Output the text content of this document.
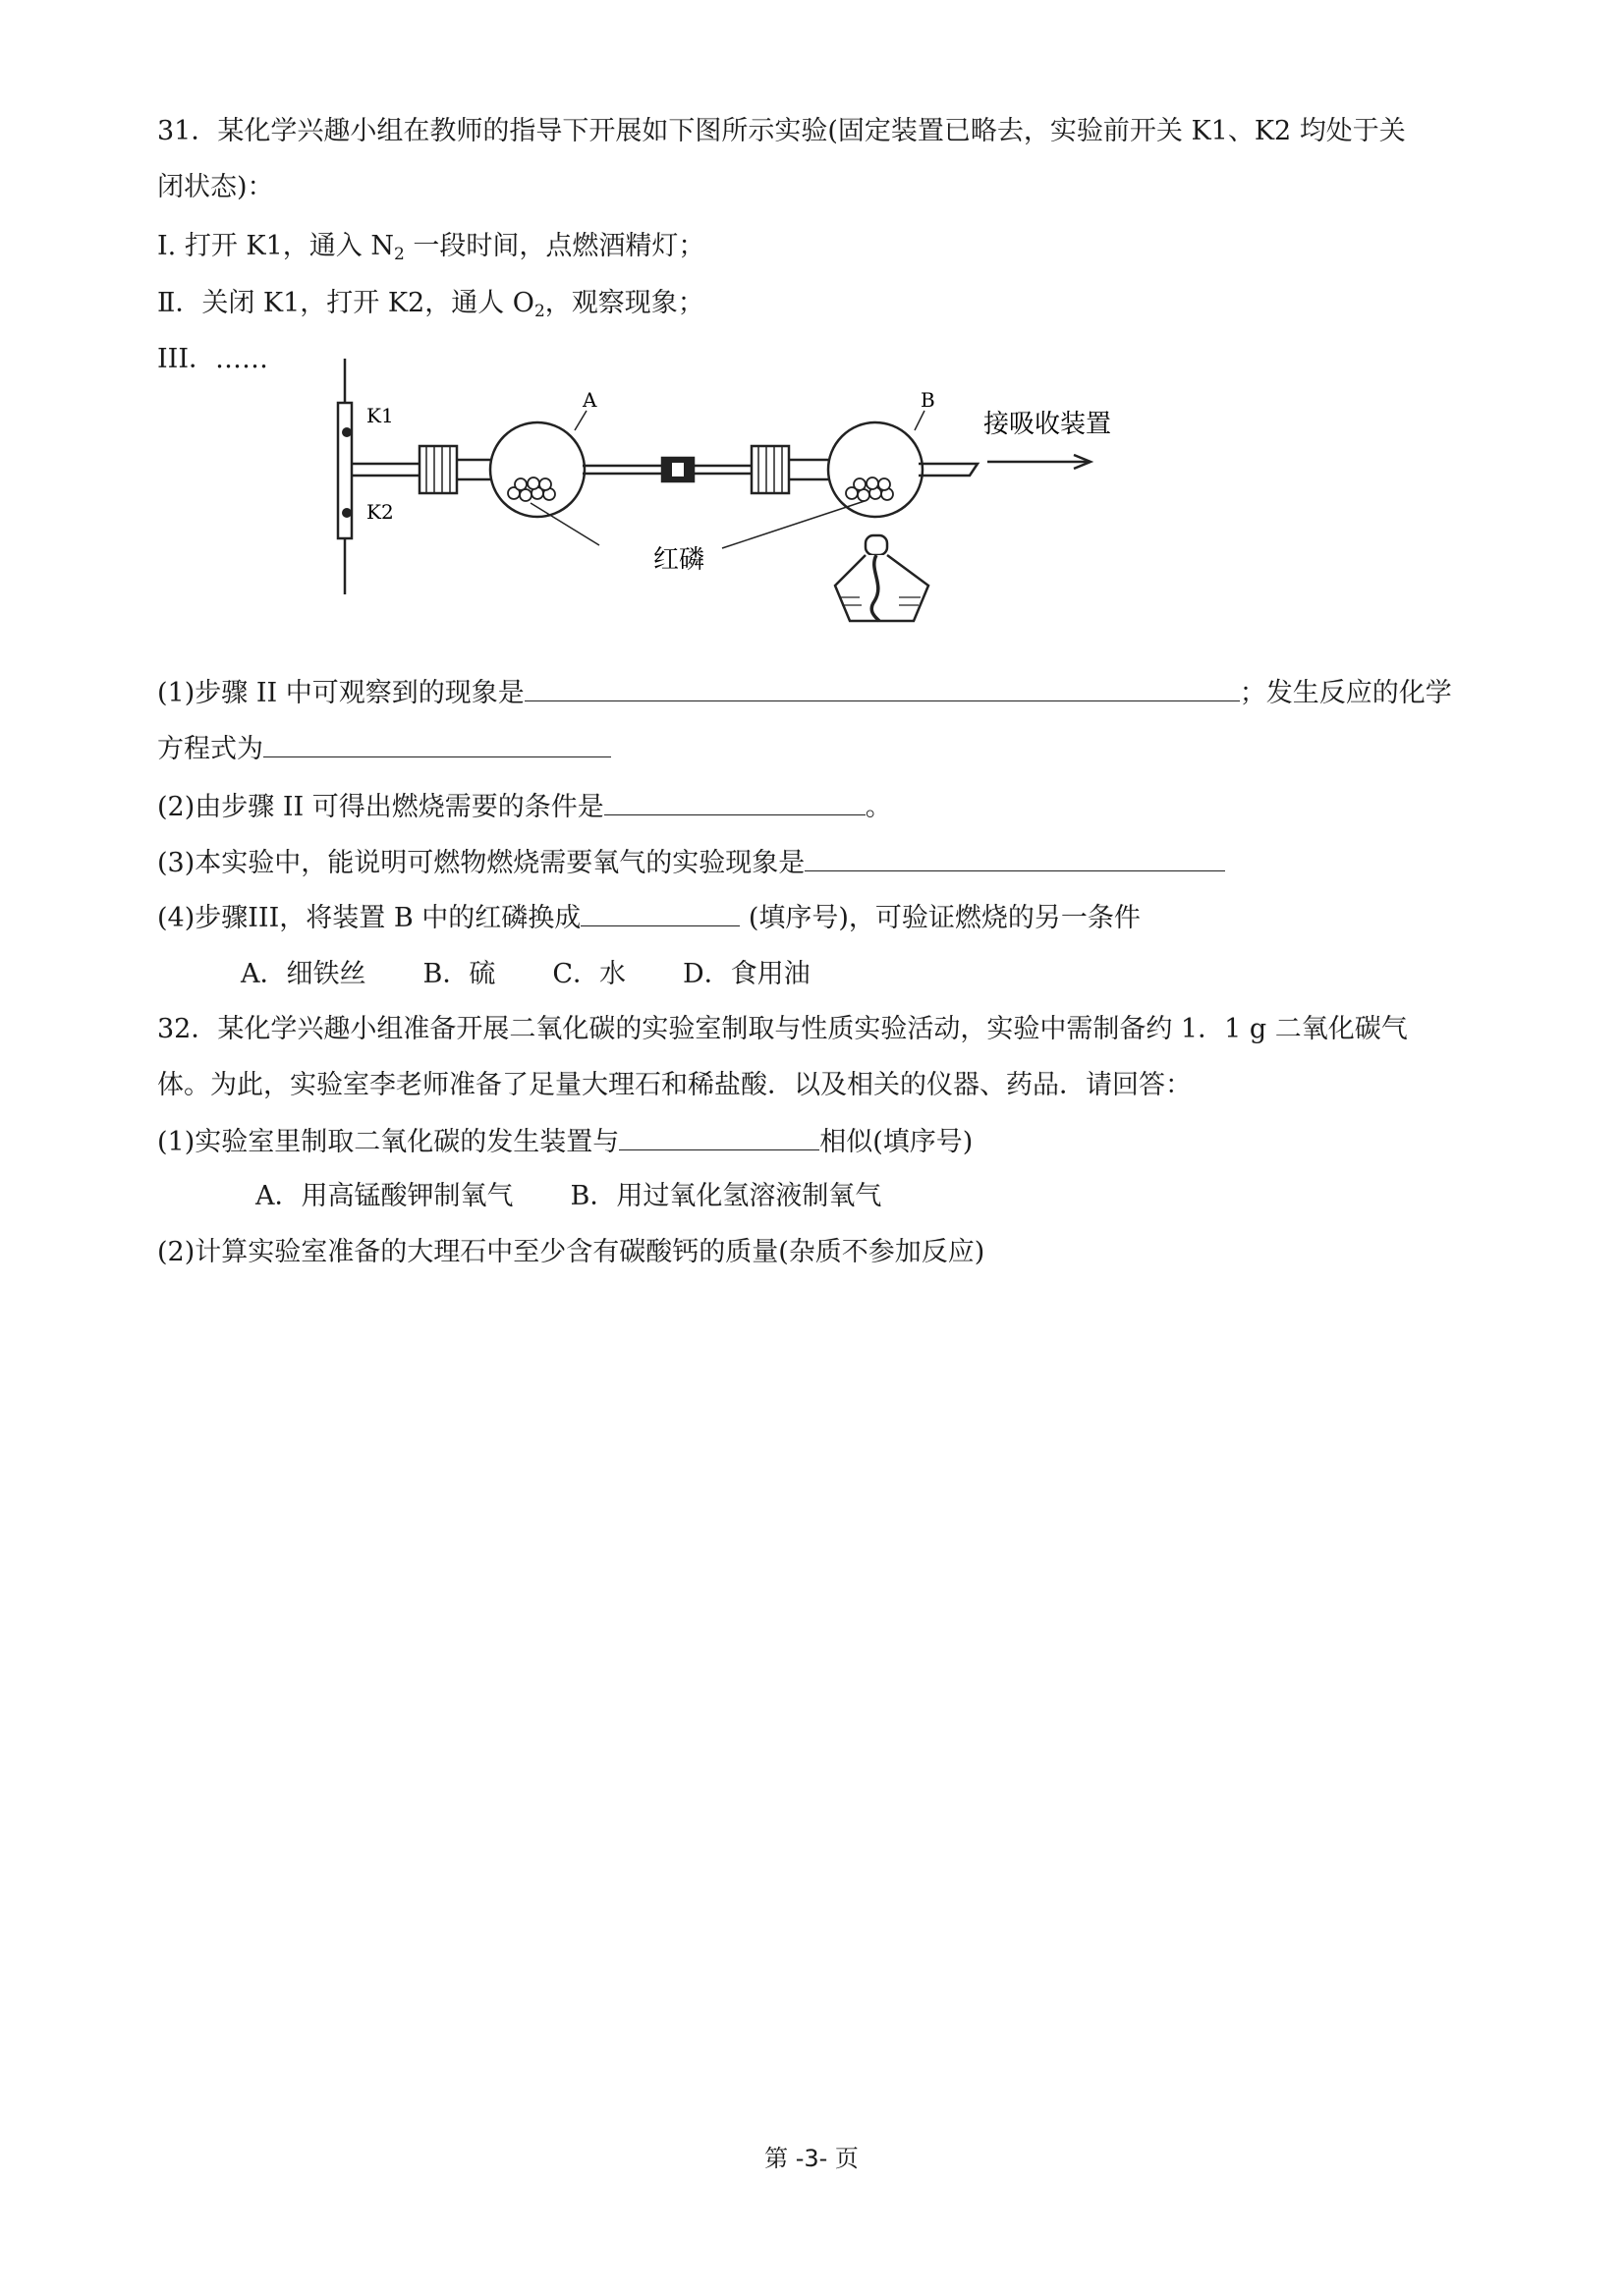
31．某化学兴趣小组在教师的指导下开展如下图所示实验(固定装置已略去，实验前开关 K1、K2 均处于关
闭状态)：
I. 打开 K1，通入 $N_2$ 一段时间，点燃酒精灯；
Ⅱ．关闭 K1，打开 K2，通人 $O_2$，观察现象；
III．……
K1
K2
A	B
红磷
接吸收装置
(1)步骤 II 中可观察到的现象是	；发生反应的化学
方程式为
(2)由步骤 II 可得出燃烧需要的条件是	。
(3)本实验中，能说明可燃物燃烧需要氧气的实验现象是
(4)步骤III，将装置 B 中的红磷换成	(填序号)，可验证燃烧的另一条件
A．细铁丝 B．硫 C．水 D．食用油
32．某化学兴趣小组准备开展二氧化碳的实验室制取与性质实验活动，实验中需制备约 1．1 g 二氧化碳气
体。为此，实验室李老师准备了足量大理石和稀盐酸．以及相关的仪器、药品．请回答：
(1)实验室里制取二氧化碳的发生装置与	相似(填序号)
A．用高锰酸钾制氧气 B．用过氧化氢溶液制氧气
(2)计算实验室准备的大理石中至少含有碳酸钙的质量(杂质不参加反应)
第 -3- 页
